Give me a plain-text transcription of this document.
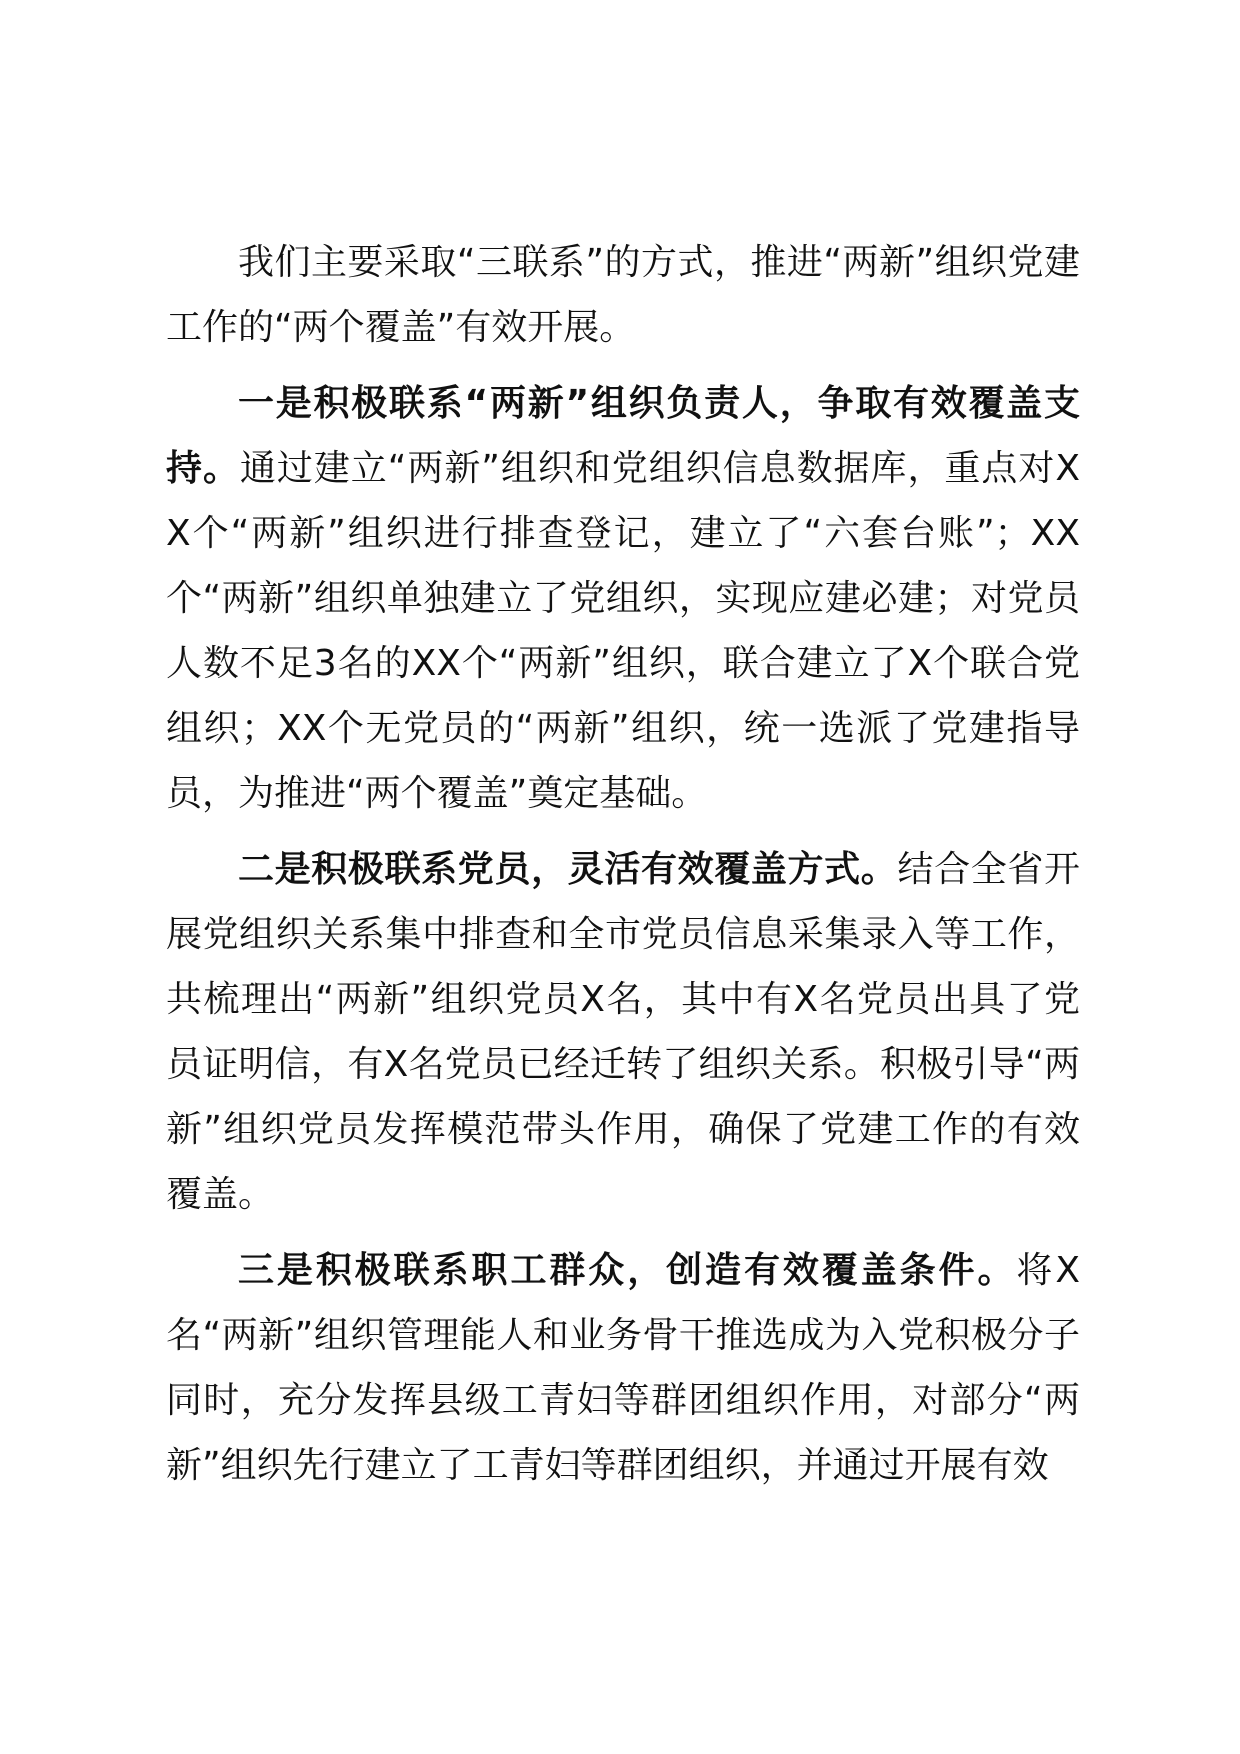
我们主要采取“三联系”的方式，推进“两新”组织党建工作的“两个覆盖”有效开展。

一是积极联系“两新”组织负责人，争取有效覆盖支持。通过建立“两新”组织和党组织信息数据库，重点对XX个“两新”组织进行排查登记，建立了“六套台账”；XX个“两新”组织单独建立了党组织，实现应建必建；对党员人数不足3名的XX个“两新”组织，联合建立了X个联合党组织；XX个无党员的“两新”组织，统一选派了党建指导员，为推进“两个覆盖”奠定基础。

二是积极联系党员，灵活有效覆盖方式。结合全省开展党组织关系集中排查和全市党员信息采集录入等工作，共梳理出“两新”组织党员X名，其中有X名党员出具了党员证明信，有X名党员已经迁转了组织关系。积极引导“两新”组织党员发挥模范带头作用，确保了党建工作的有效覆盖。

三是积极联系职工群众，创造有效覆盖条件。将X名“两新”组织管理能人和业务骨干推选成为入党积极分子同时，充分发挥县级工青妇等群团组织作用，对部分“两新”组织先行建立了工青妇等群团组织，并通过开展有效
